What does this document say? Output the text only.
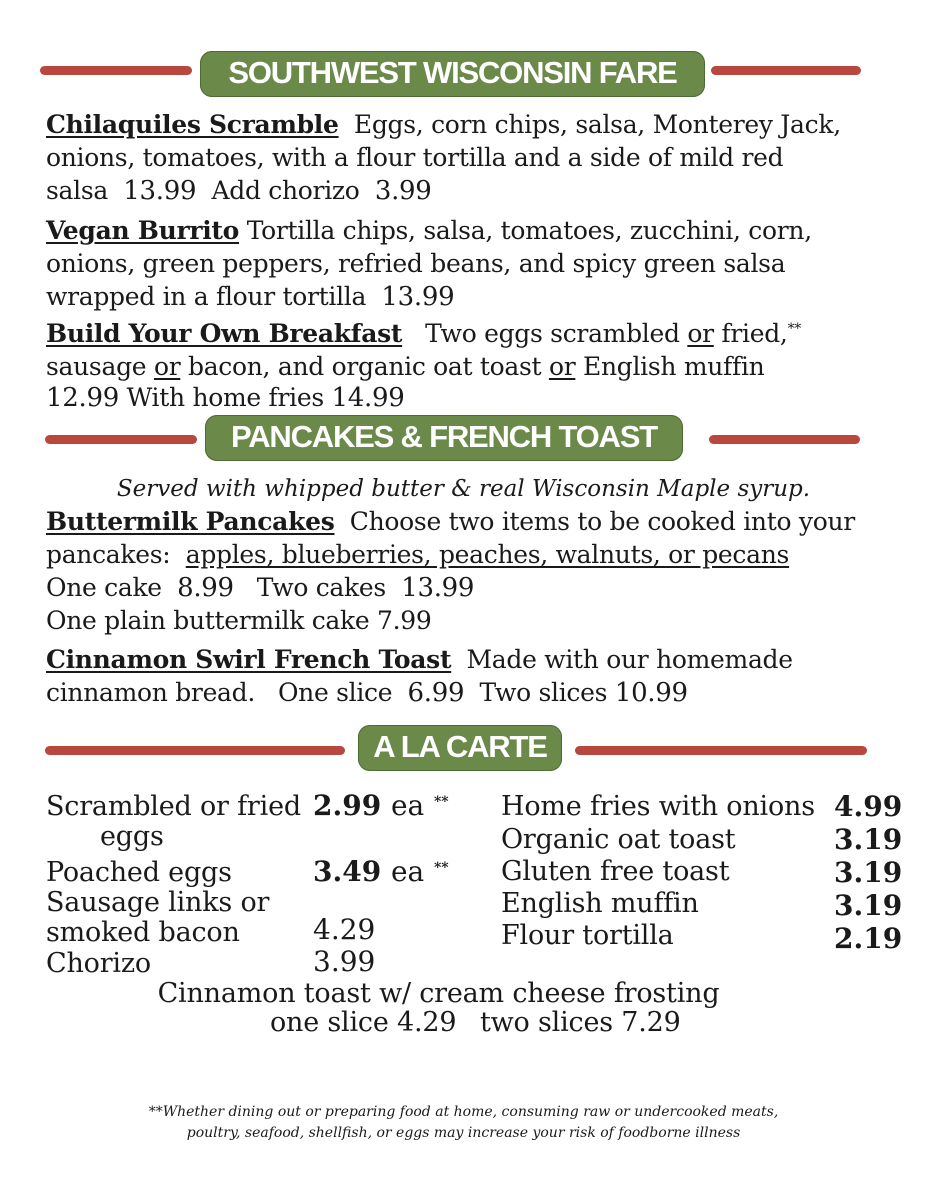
SOUTHWEST WISCONSIN FARE
Chilaquiles Scramble Eggs, corn chips, salsa, Monterey Jack,
onions, tomatoes, with a flour tortilla and a side of mild red
salsa 13.99 Add chorizo 3.99
Vegan Burrito Tortilla chips, salsa, tomatoes, zucchini, corn,
onions, green peppers, refried beans, and spicy green salsa
wrapped in a flour tortilla 13.99
Build Your Own Breakfast Two eggs scrambled or fried,**
sausage or bacon, and organic oat toast or English muffin
12.99 With home fries 14.99
PANCAKES & FRENCH TOAST
Served with whipped butter & real Wisconsin Maple syrup.
Buttermilk Pancakes Choose two items to be cooked into your
pancakes: apples, blueberries, peaches, walnuts, or pecans
One cake 8.99 Two cakes 13.99
One plain buttermilk cake 7.99
Cinnamon Swirl French Toast Made with our homemade
cinnamon bread. One slice 6.99 Two slices 10.99
A LA CARTE
Scrambled or fried
eggs
2.99 ea **
Poached eggs	3.49 ea **
Sausage links or
smoked bacon	4.29
Chorizo	3.99
Home fries with onions 4.99
Organic oat toast	3.19
Gluten free toast	3.19
English muffin	3.19
Flour tortilla	2.19
Cinnamon toast w/ cream cheese frosting
one slice 4.29 two slices 7.29
**Whether dining out or preparing food at home, consuming raw or undercooked meats,
poultry, seafood, shellfish, or eggs may increase your risk of foodborne illness
